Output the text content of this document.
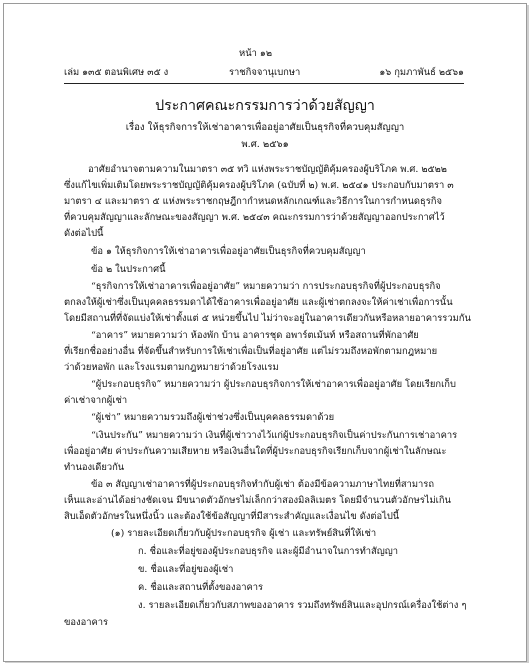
หน้า ๑๒
เล่ม ๑๓๕ ตอนพิเศษ ๓๕ ง	ราชกิจจานุเบกษา	๑๖ กุมภาพันธ์ ๒๕๖๑
ประกาศคณะกรรมการว่าด้วยสัญญา
เรื่อง ให้ธุรกิจการให้เช่าอาคารเพื่ออยู่อาศัยเป็นธุรกิจที่ควบคุมสัญญา
พ.ศ. ๒๕๖๑
อาศัยอำนาจตามความในมาตรา ๓๕ ทวิ แห่งพระราชบัญญัติคุ้มครองผู้บริโภค พ.ศ. ๒๕๒๒
ซึ่งแก้ไขเพิ่มเติมโดยพระราชบัญญัติคุ้มครองผู้บริโภค (ฉบับที่ ๒) พ.ศ. ๒๕๔๑ ประกอบกับมาตรา ๓
มาตรา ๔ และมาตรา ๕ แห่งพระราชกฤษฎีกากำหนดหลักเกณฑ์และวิธีการในการกำหนดธุรกิจ
ที่ควบคุมสัญญาและลักษณะของสัญญา พ.ศ. ๒๕๔๓ คณะกรรมการว่าด้วยสัญญาออกประกาศไว้
ดังต่อไปนี้
ข้อ ๑ ให้ธุรกิจการให้เช่าอาคารเพื่ออยู่อาศัยเป็นธุรกิจที่ควบคุมสัญญา
ข้อ ๒ ในประกาศนี้
“ธุรกิจการให้เช่าอาคารเพื่ออยู่อาศัย” หมายความว่า การประกอบธุรกิจที่ผู้ประกอบธุรกิจ
ตกลงให้ผู้เช่าซึ่งเป็นบุคคลธรรมดาได้ใช้อาคารเพื่ออยู่อาศัย และผู้เช่าตกลงจะให้ค่าเช่าเพื่อการนั้น
โดยมีสถานที่ที่จัดแบ่งให้เช่าตั้งแต่ ๕ หน่วยขึ้นไป ไม่ว่าจะอยู่ในอาคารเดียวกันหรือหลายอาคารรวมกัน
“อาคาร” หมายความว่า ห้องพัก บ้าน อาคารชุด อพาร์ตเม้นท์ หรือสถานที่พักอาศัย
ที่เรียกชื่ออย่างอื่น ที่จัดขึ้นสำหรับการให้เช่าเพื่อเป็นที่อยู่อาศัย แต่ไม่รวมถึงหอพักตามกฎหมาย
ว่าด้วยหอพัก และโรงแรมตามกฎหมายว่าด้วยโรงแรม
“ผู้ประกอบธุรกิจ” หมายความว่า ผู้ประกอบธุรกิจการให้เช่าอาคารเพื่ออยู่อาศัย โดยเรียกเก็บ
ค่าเช่าจากผู้เช่า
“ผู้เช่า” หมายความรวมถึงผู้เช่าช่วงซึ่งเป็นบุคคลธรรมดาด้วย
“เงินประกัน” หมายความว่า เงินที่ผู้เช่าวางไว้แก่ผู้ประกอบธุรกิจเป็นค่าประกันการเช่าอาคาร
เพื่ออยู่อาศัย ค่าประกันความเสียหาย หรือเงินอื่นใดที่ผู้ประกอบธุรกิจเรียกเก็บจากผู้เช่าในลักษณะ
ทำนองเดียวกัน
ข้อ ๓ สัญญาเช่าอาคารที่ผู้ประกอบธุรกิจทำกับผู้เช่า ต้องมีข้อความภาษาไทยที่สามารถ
เห็นและอ่านได้อย่างชัดเจน มีขนาดตัวอักษรไม่เล็กกว่าสองมิลลิเมตร โดยมีจำนวนตัวอักษรไม่เกิน
สิบเอ็ดตัวอักษรในหนึ่งนิ้ว และต้องใช้ข้อสัญญาที่มีสาระสำคัญและเงื่อนไข ดังต่อไปนี้
(๑) รายละเอียดเกี่ยวกับผู้ประกอบธุรกิจ ผู้เช่า และทรัพย์สินที่ให้เช่า
ก. ชื่อและที่อยู่ของผู้ประกอบธุรกิจ และผู้มีอำนาจในการทำสัญญา
ข. ชื่อและที่อยู่ของผู้เช่า
ค. ชื่อและสถานที่ตั้งของอาคาร
ง. รายละเอียดเกี่ยวกับสภาพของอาคาร รวมถึงทรัพย์สินและอุปกรณ์เครื่องใช้ต่าง ๆ
ของอาคาร
